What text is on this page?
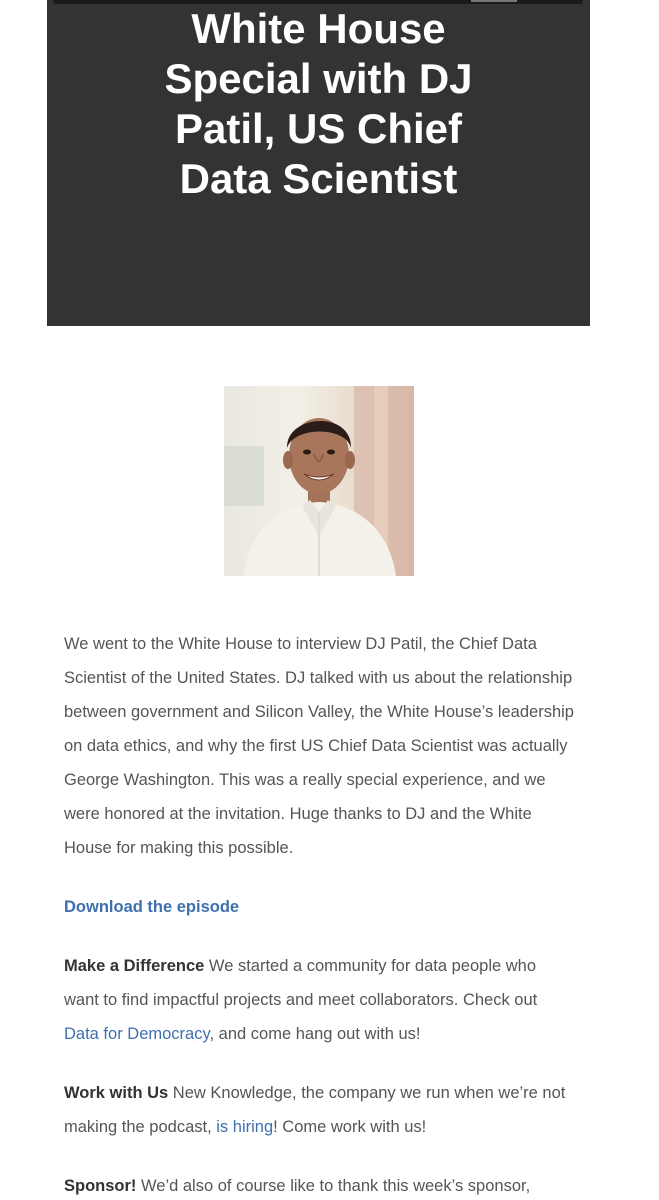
White House Special with DJ Patil, US Chief Data Scientist

We went to the White House to interview DJ Patil, the Chief Data Scientist of the United States. DJ talked with us about the relationship between government and Silicon Valley, the White House’s leadership on data ethics, and why the first US Chief Data Scientist was actually George Washington. This was a really special experience, and we were honored at the invitation. Huge thanks to DJ and the White House for making this possible.

Download the episode

Make a Difference We started a community for data people who want to find impactful projects and meet collaborators. Check out Data for Democracy, and come hang out with us!

Work with Us New Knowledge, the company we run when we’re not making the podcast, is hiring! Come work with us!

Sponsor! We’d also of course like to thank this week’s sponsor,
